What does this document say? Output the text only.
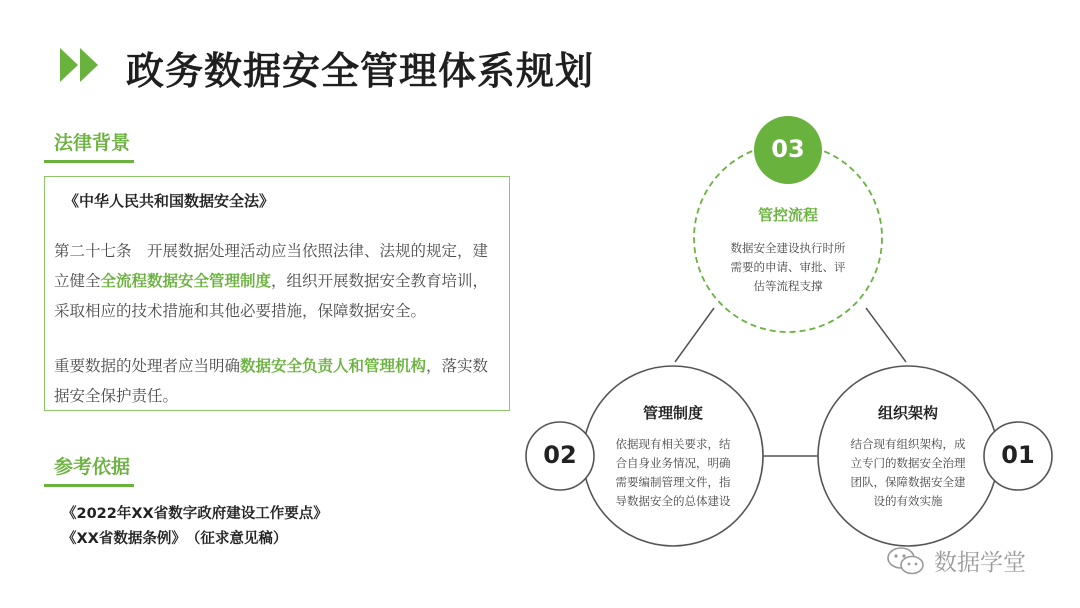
政务数据安全管理体系规划
法律背景
《中华人民共和国数据安全法》
第二十七条　开展数据处理活动应当依照法律、法规的规定，建立健全全流程数据安全管理制度，组织开展数据安全教育培训，采取相应的技术措施和其他必要措施，保障数据安全。
重要数据的处理者应当明确数据安全负责人和管理机构，落实数据安全保护责任。
参考依据
《2022年XX省数字政府建设工作要点》
《XX省数据条例》　（征求意见稿）
03
02	01
管控流程
数据安全建设执行时所
需要的申请、审批、评
估等流程支撑
管理制度
依据现有相关要求，结
合自身业务情况，明确
需要编制管理文件，指
导数据安全的总体建设
组织架构
结合现有组织架构，成
立专门的数据安全治理
团队，保障数据安全建
设的有效实施
数据学堂
